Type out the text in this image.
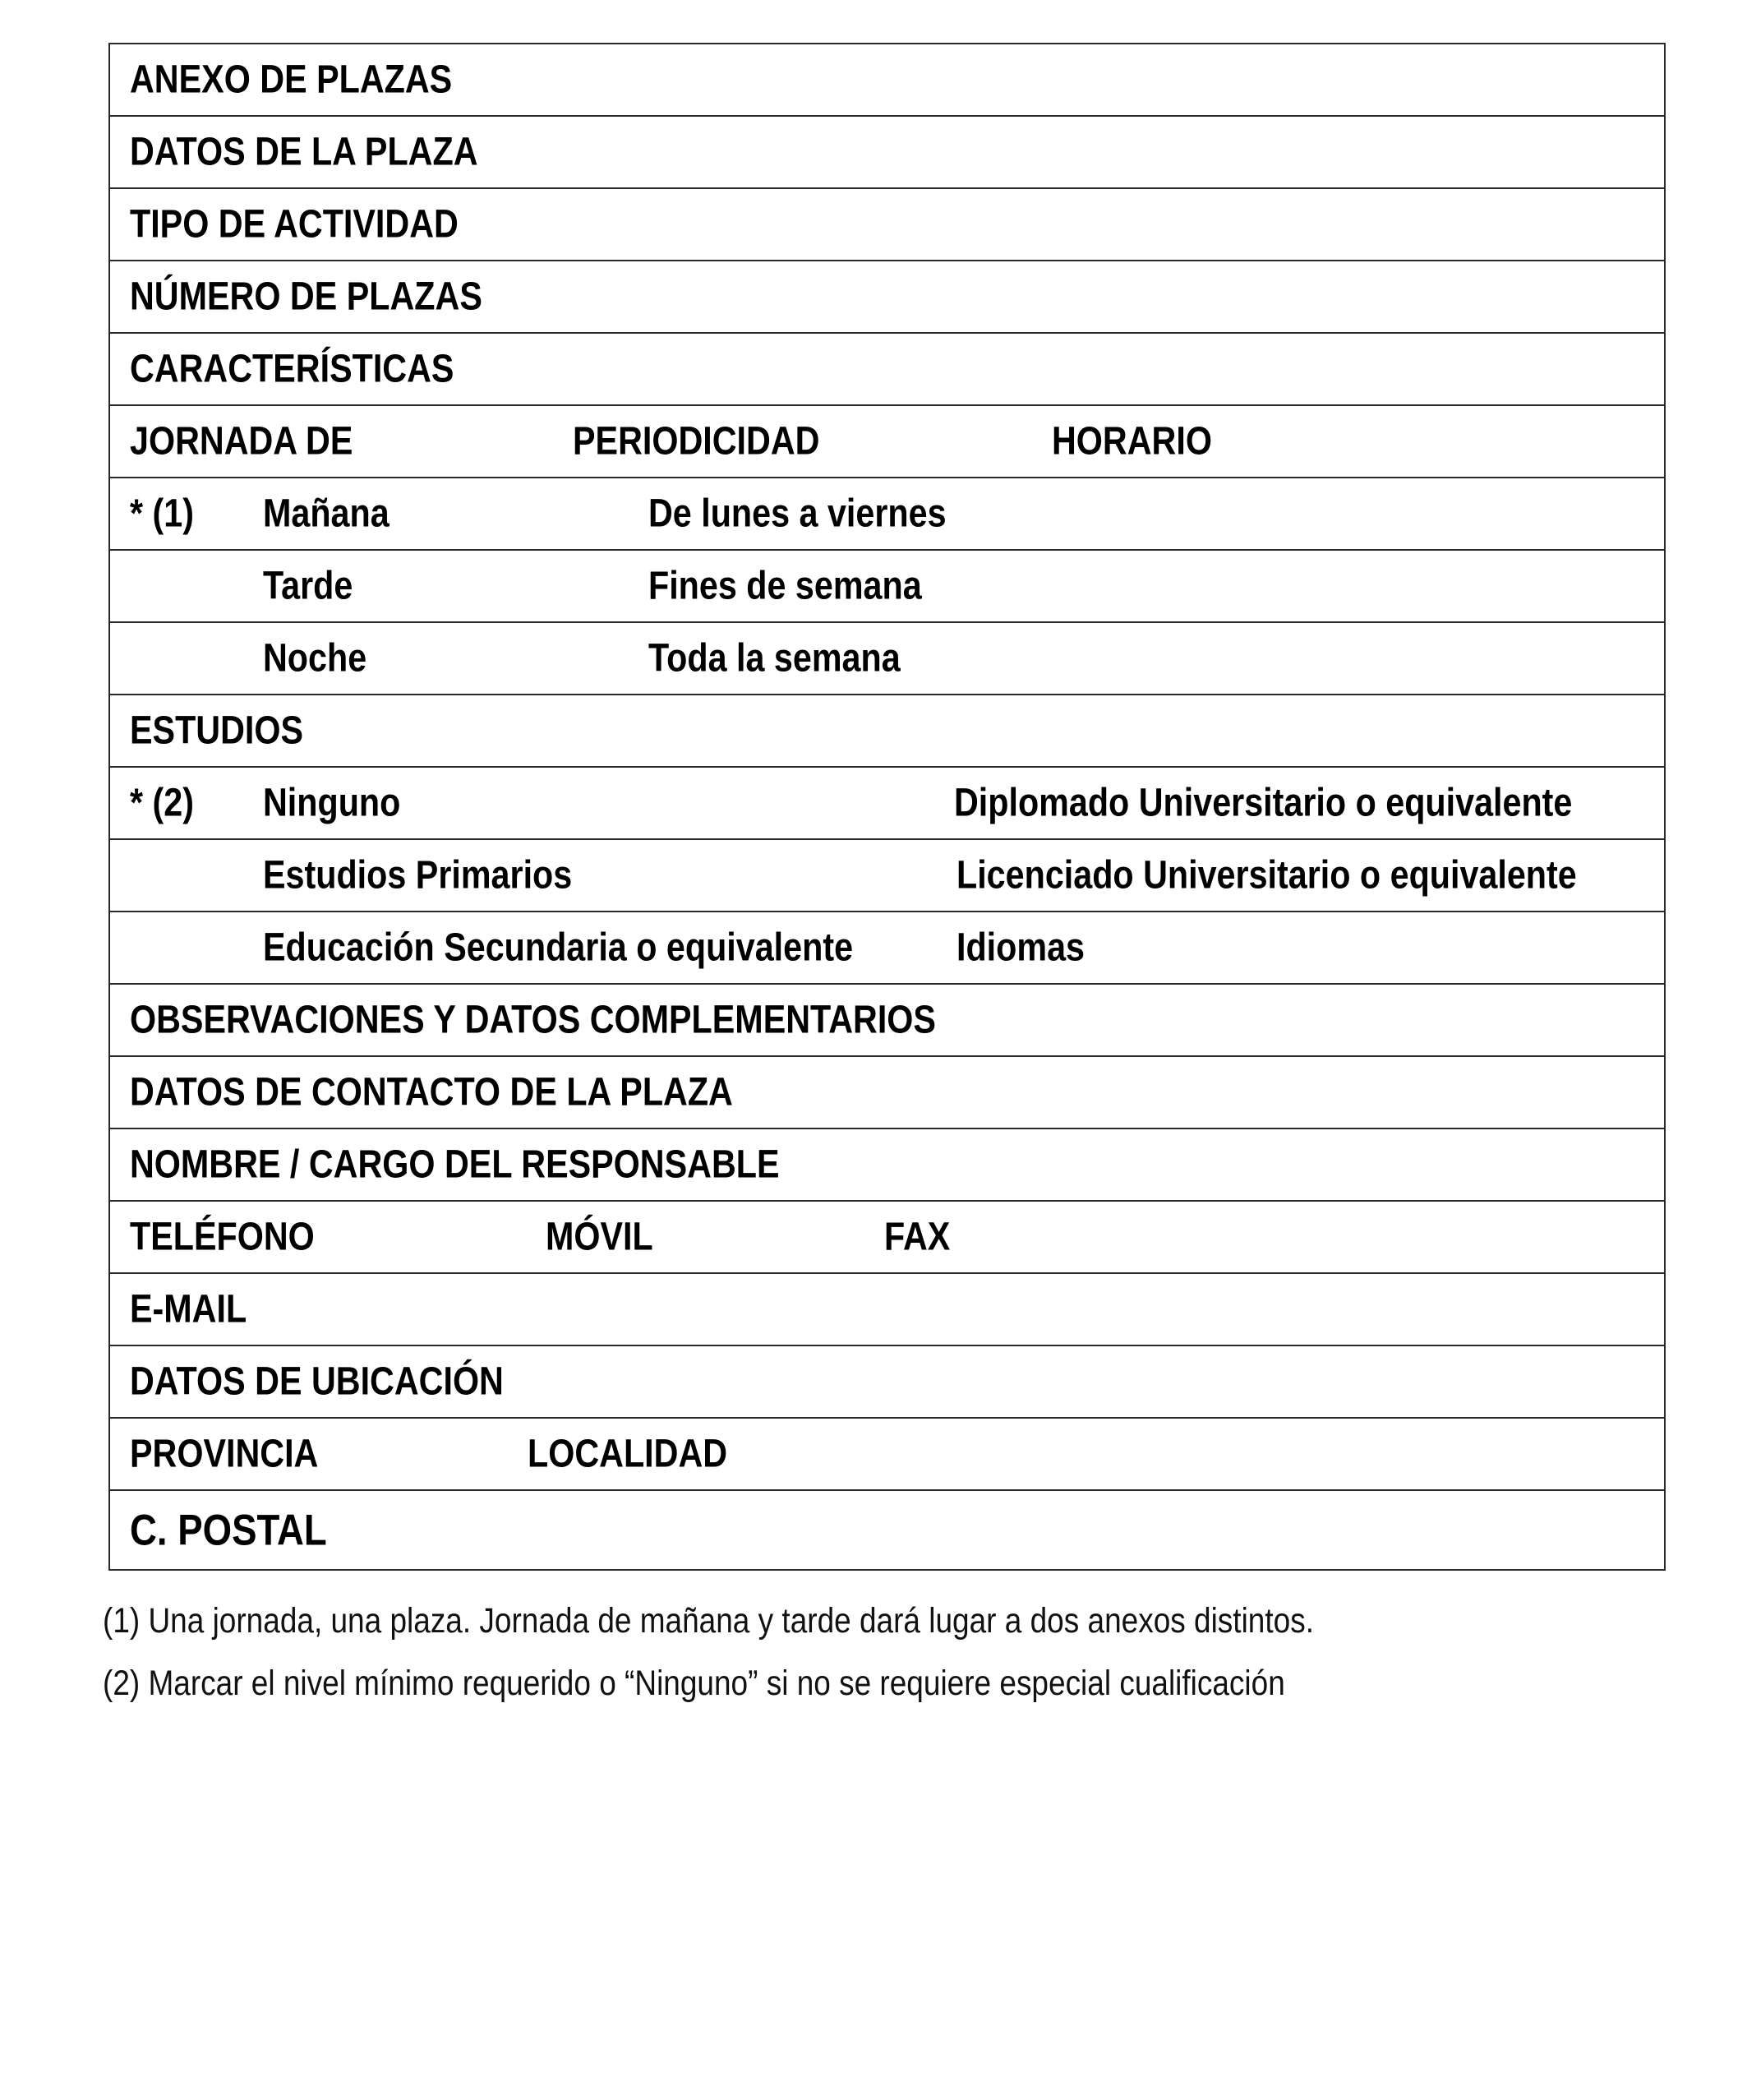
ANEXO DE PLAZAS
DATOS DE LA PLAZA
TIPO DE ACTIVIDAD
NÚMERO DE PLAZAS
CARACTERÍSTICAS
JORNADA DE	PERIODICIDAD	HORARIO
* (1) Mañana	De lunes a viernes
Tarde	Fines de semana
Noche	Toda la semana
ESTUDIOS
* (2) Ninguno	Diplomado Universitario o equivalente
Estudios Primarios	Licenciado Universitario o equivalente
Educación Secundaria o equivalente	Idiomas
OBSERVACIONES Y DATOS COMPLEMENTARIOS
DATOS DE CONTACTO DE LA PLAZA
NOMBRE / CARGO DEL RESPONSABLE
TELÉFONO	MÓVIL	FAX
E-MAIL
DATOS DE UBICACIÓN
PROVINCIA	LOCALIDAD
C. POSTAL
(1) Una jornada, una plaza. Jornada de mañana y tarde dará lugar a dos anexos distintos.
(2) Marcar el nivel mínimo requerido o “Ninguno” si no se requiere especial cualificación
